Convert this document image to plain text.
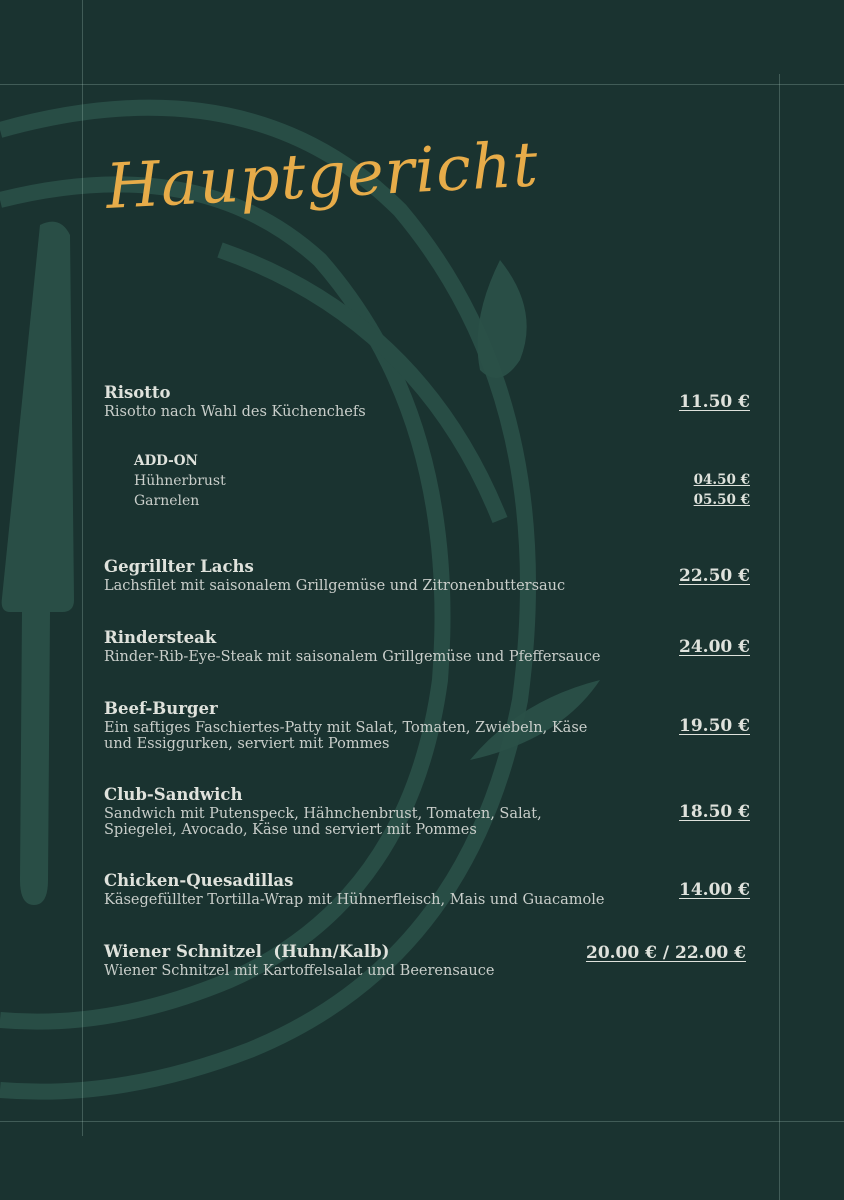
Hauptgericht

Risotto

Risotto nach Wahl des Küchenchefs	11.50 €

ADD-ON

Hühnerbrust	04.50 €
Garnelen	05.50 €

Gegrillter Lachs

Lachsfilet mit saisonalem Grillgemüse und Zitronenbuttersauc	22.50 €

Rindersteak

Rinder-Rib-Eye-Steak mit saisonalem Grillgemüse und Pfeffersauce	24.00 €

Beef-Burger

Ein saftiges Faschiertes-Patty mit Salat, Tomaten, Zwiebeln, Käse und Essiggurken, serviert mit Pommes

19.50 €

Club-Sandwich

Sandwich mit Putenspeck, Hähnchenbrust, Tomaten, Salat, Spiegelei, Avocado, Käse und serviert mit Pommes

18.50 €

Chicken-Quesadillas

Käsegefüllter Tortilla-Wrap mit Hühnerfleisch, Mais und Guacamole	14.00 €

Wiener Schnitzel  (Huhn/Kalb)

Wiener Schnitzel mit Kartoffelsalat und Beerensauce

20.00 € / 22.00 €
